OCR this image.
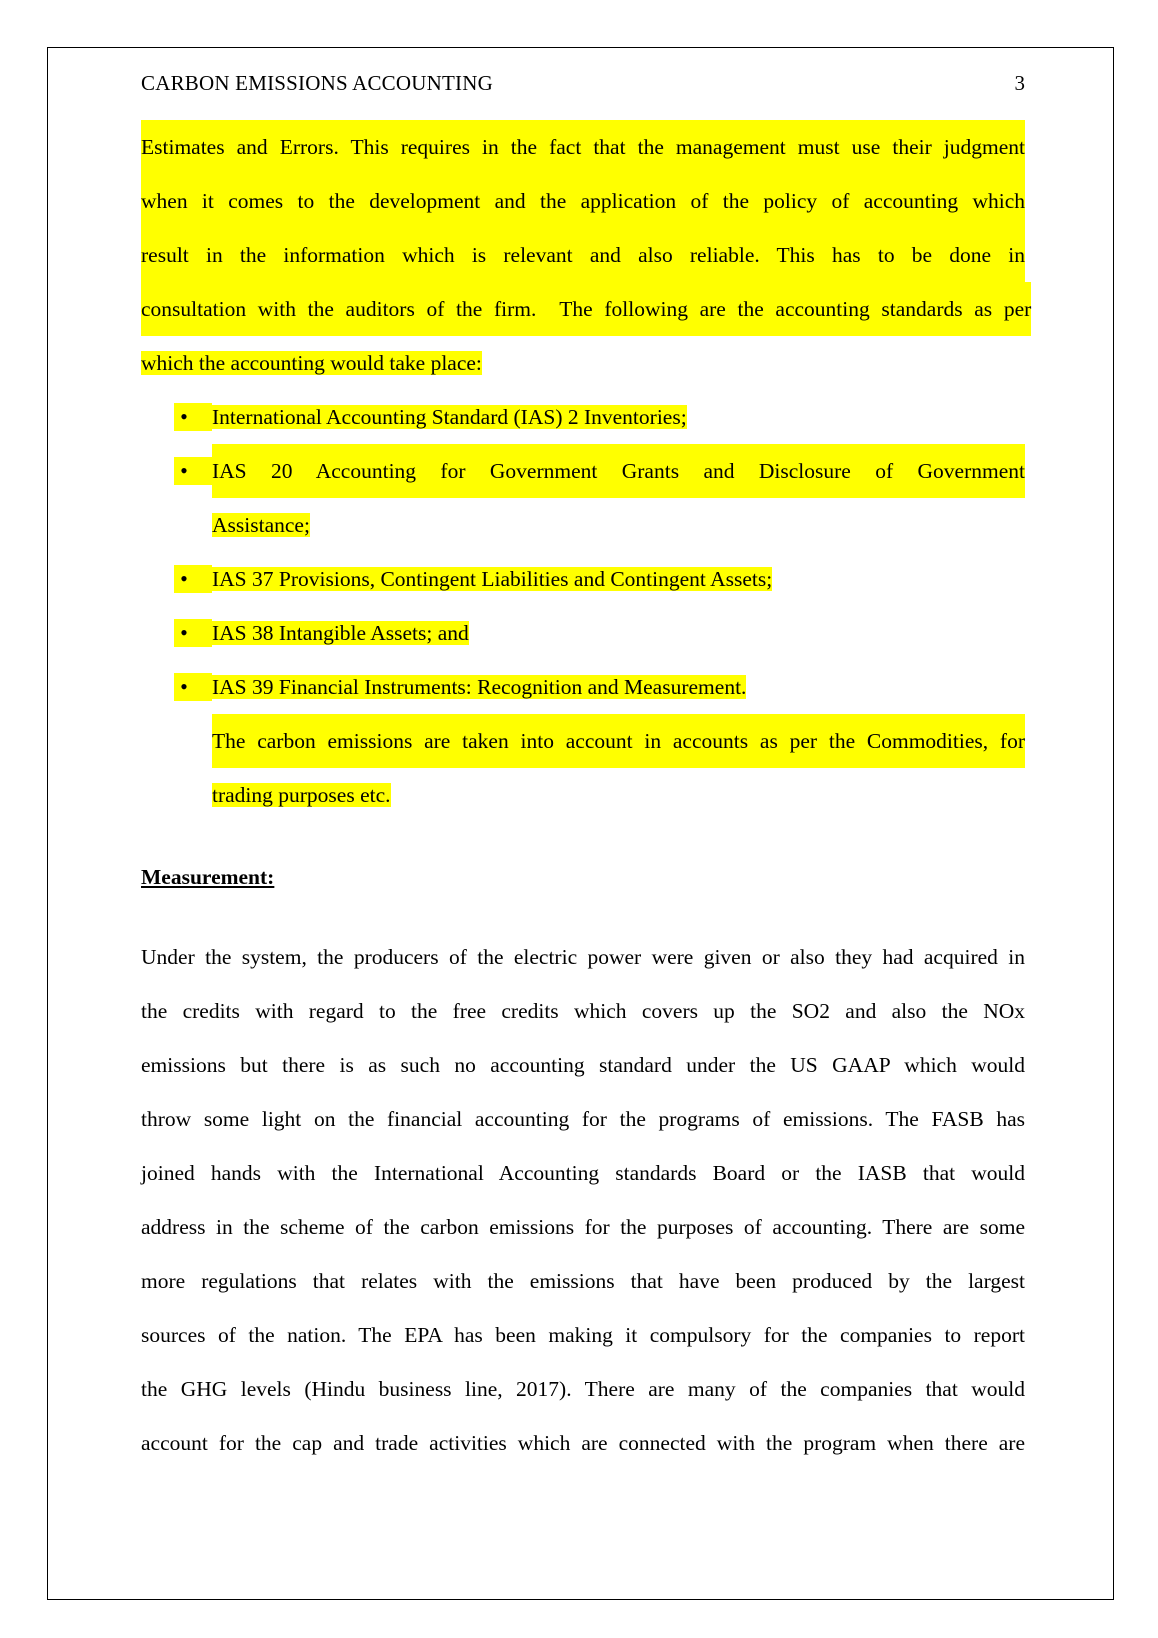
CARBON EMISSIONS ACCOUNTING	3
Estimates and Errors. This requires in the fact that the management must use their judgment
when it comes to the development and the application of the policy of accounting which
result in the information which is relevant and also reliable. This has to be done in
consultation with the auditors of the firm.  The following are the accounting standards as per
which the accounting would take place:
• International Accounting Standard (IAS) 2 Inventories;
• IAS 20 Accounting for Government Grants and Disclosure of Government
Assistance;
• IAS 37 Provisions, Contingent Liabilities and Contingent Assets;
• IAS 38 Intangible Assets; and
• IAS 39 Financial Instruments: Recognition and Measurement.
The carbon emissions are taken into account in accounts as per the Commodities, for
trading purposes etc.
Measurement:
Under the system, the producers of the electric power were given or also they had acquired in
the credits with regard to the free credits which covers up the SO2 and also the NOx
emissions but there is as such no accounting standard under the US GAAP which would
throw some light on the financial accounting for the programs of emissions. The FASB has
joined hands with the International Accounting standards Board or the IASB that would
address in the scheme of the carbon emissions for the purposes of accounting. There are some
more regulations that relates with the emissions that have been produced by the largest
sources of the nation. The EPA has been making it compulsory for the companies to report
the GHG levels (Hindu business line, 2017). There are many of the companies that would
account for the cap and trade activities which are connected with the program when there are
